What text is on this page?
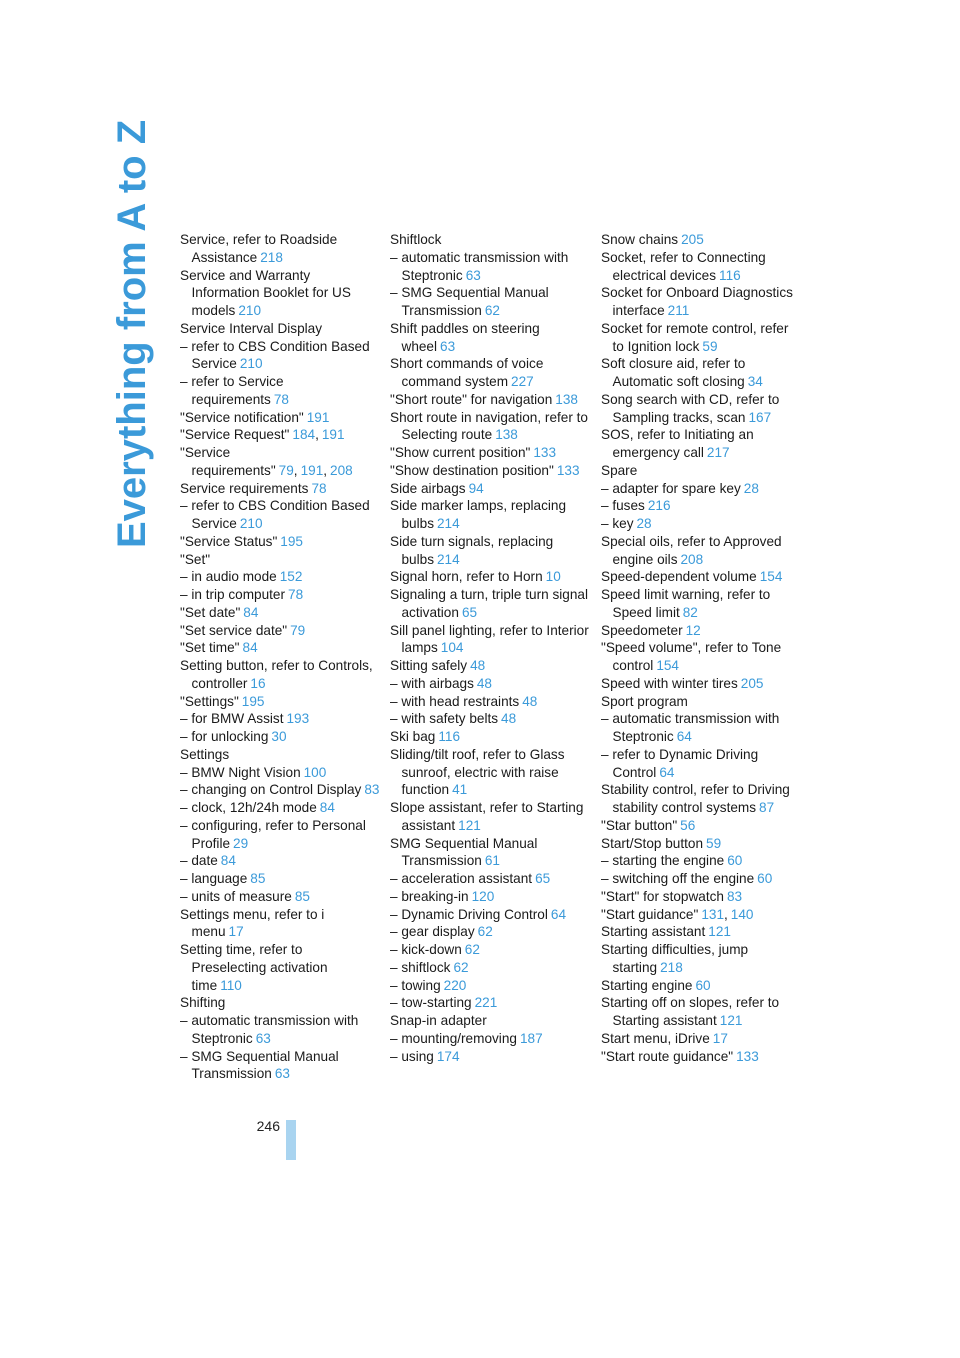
Everything from A to Z Service, refer to Roadside Assistance 218
Service and Warranty Information Booklet for US models 210
Service Interval Display
– refer to CBS Condition Based Service 210
– refer to Service requirements 78
"Service notification" 191
"Service Request" 184, 191
"Service requirements" 79, 191, 208
Service requirements 78
– refer to CBS Condition Based Service 210
"Service Status" 195
"Set"
– in audio mode 152
– in trip computer 78
"Set date" 84
"Set service date" 79
"Set time" 84
Setting button, refer to Controls, controller 16
"Settings" 195
– for BMW Assist 193
– for unlocking 30
Settings
– BMW Night Vision 100
– changing on Control Display 83
– clock, 12h/24h mode 84
– configuring, refer to Personal Profile 29
– date 84
– language 85
– units of measure 85
Settings menu, refer to i menu 17
Setting time, refer to Preselecting activation time 110
Shifting
– automatic transmission with Steptronic 63
– SMG Sequential Manual Transmission 63
Shiftlock
– automatic transmission with Steptronic 63
– SMG Sequential Manual Transmission 62
Shift paddles on steering wheel 63
Short commands of voice command system 227
"Short route" for navigation 138
Short route in navigation, refer to Selecting route 138
"Show current position" 133
"Show destination position" 133
Side airbags 94
Side marker lamps, replacing bulbs 214
Side turn signals, replacing bulbs 214
Signal horn, refer to Horn 10
Signaling a turn, triple turn signal activation 65
Sill panel lighting, refer to Interior lamps 104
Sitting safely 48
– with airbags 48
– with head restraints 48
– with safety belts 48
Ski bag 116
Sliding/tilt roof, refer to Glass sunroof, electric with raise function 41
Slope assistant, refer to Starting assistant 121
SMG Sequential Manual Transmission 61
– acceleration assistant 65
– breaking-in 120
– Dynamic Driving Control 64
– gear display 62
– kick-down 62
– shiftlock 62
– towing 220
– tow-starting 221
Snap-in adapter
– mounting/removing 187
– using 174
Snow chains 205
Socket, refer to Connecting electrical devices 116
Socket for Onboard Diagnostics interface 211
Socket for remote control, refer to Ignition lock 59
Soft closure aid, refer to Automatic soft closing 34
Song search with CD, refer to Sampling tracks, scan 167
SOS, refer to Initiating an emergency call 217
Spare
– adapter for spare key 28
– fuses 216
– key 28
Special oils, refer to Approved engine oils 208
Speed-dependent volume 154
Speed limit warning, refer to Speed limit 82
Speedometer 12
"Speed volume", refer to Tone control 154
Speed with winter tires 205
Sport program
– automatic transmission with Steptronic 64
– refer to Dynamic Driving Control 64
Stability control, refer to Driving stability control systems 87
"Star button" 56
Start/Stop button 59
– starting the engine 60
– switching off the engine 60
"Start" for stopwatch 83
"Start guidance" 131, 140
Starting assistant 121
Starting difficulties, jump starting 218
Starting engine 60
Starting off on slopes, refer to Starting assistant 121
Start menu, iDrive 17
"Start route guidance" 133
246
